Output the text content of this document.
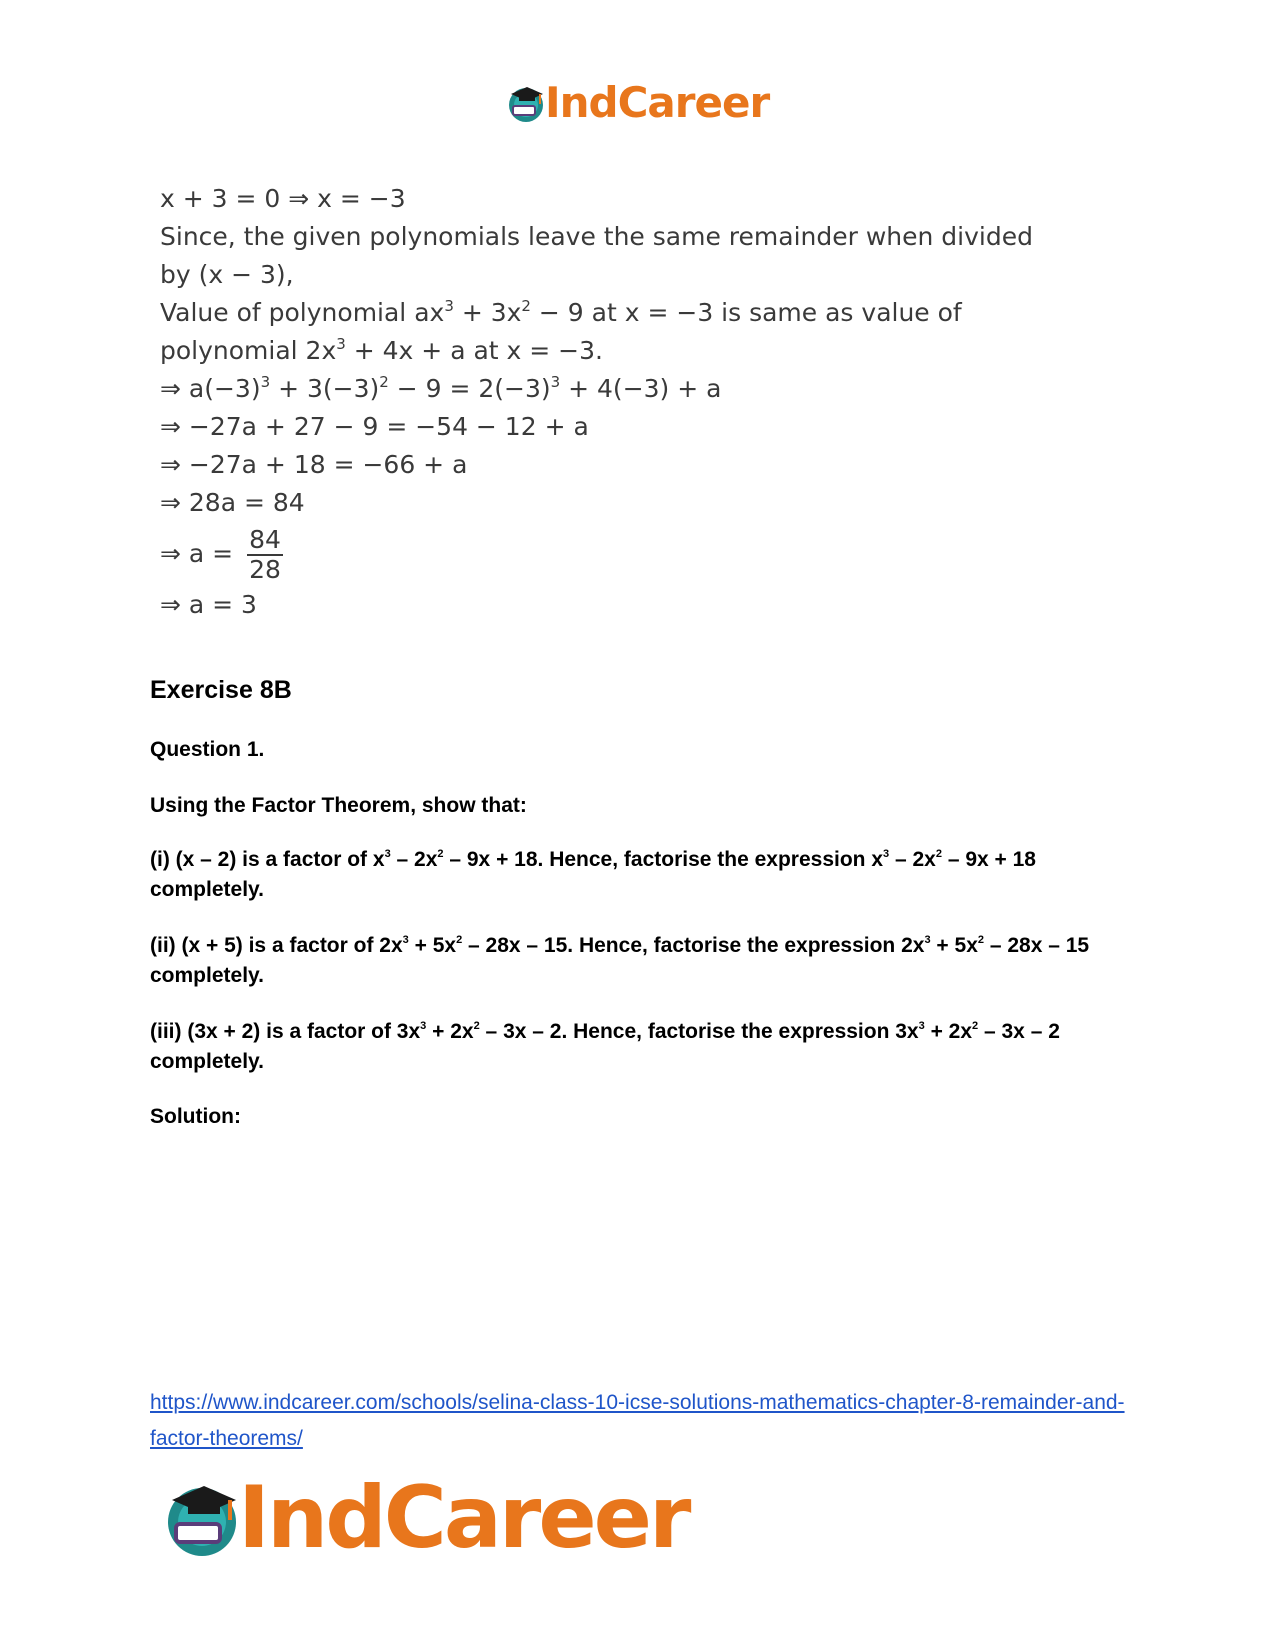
IndCareer
x + 3 = 0 ⇒ x = −3
Since, the given polynomials leave the same remainder when divided
by (x − 3),
Value of polynomial $ax^3 + 3x^2 - 9$ at x = −3 is same as value of
polynomial $2x^3 + 4x + a$ at x = −3.
⇒ $a(-3)^3 + 3(-3)^2 - 9 = 2(-3)^3 + 4(-3) + a$
⇒ −27a + 27 − 9 = −54 − 12 + a
⇒ −27a + 18 = −66 + a
⇒ 28a = 84
⇒ $a = \frac{84}{28}$
⇒ a = 3
Exercise 8B
Question 1.
Using the Factor Theorem, show that:
(i) (x – 2) is a factor of $x^3 - 2x^2 - 9x + 18$. Hence, factorise the expression $x^3 - 2x^2 - 9x + 18$ completely.
(ii) (x + 5) is a factor of $2x^3 + 5x^2 - 28x - 15$. Hence, factorise the expression $2x^3 + 5x^2 - 28x - 15$ completely.
(iii) (3x + 2) is a factor of $3x^3 + 2x^2 - 3x - 2$. Hence, factorise the expression $3x^3 + 2x^2 - 3x - 2$ completely.
Solution:
https://www.indcareer.com/schools/selina-class-10-icse-solutions-mathematics-chapter-8-remainder-and-factor-theorems/
IndCareer
